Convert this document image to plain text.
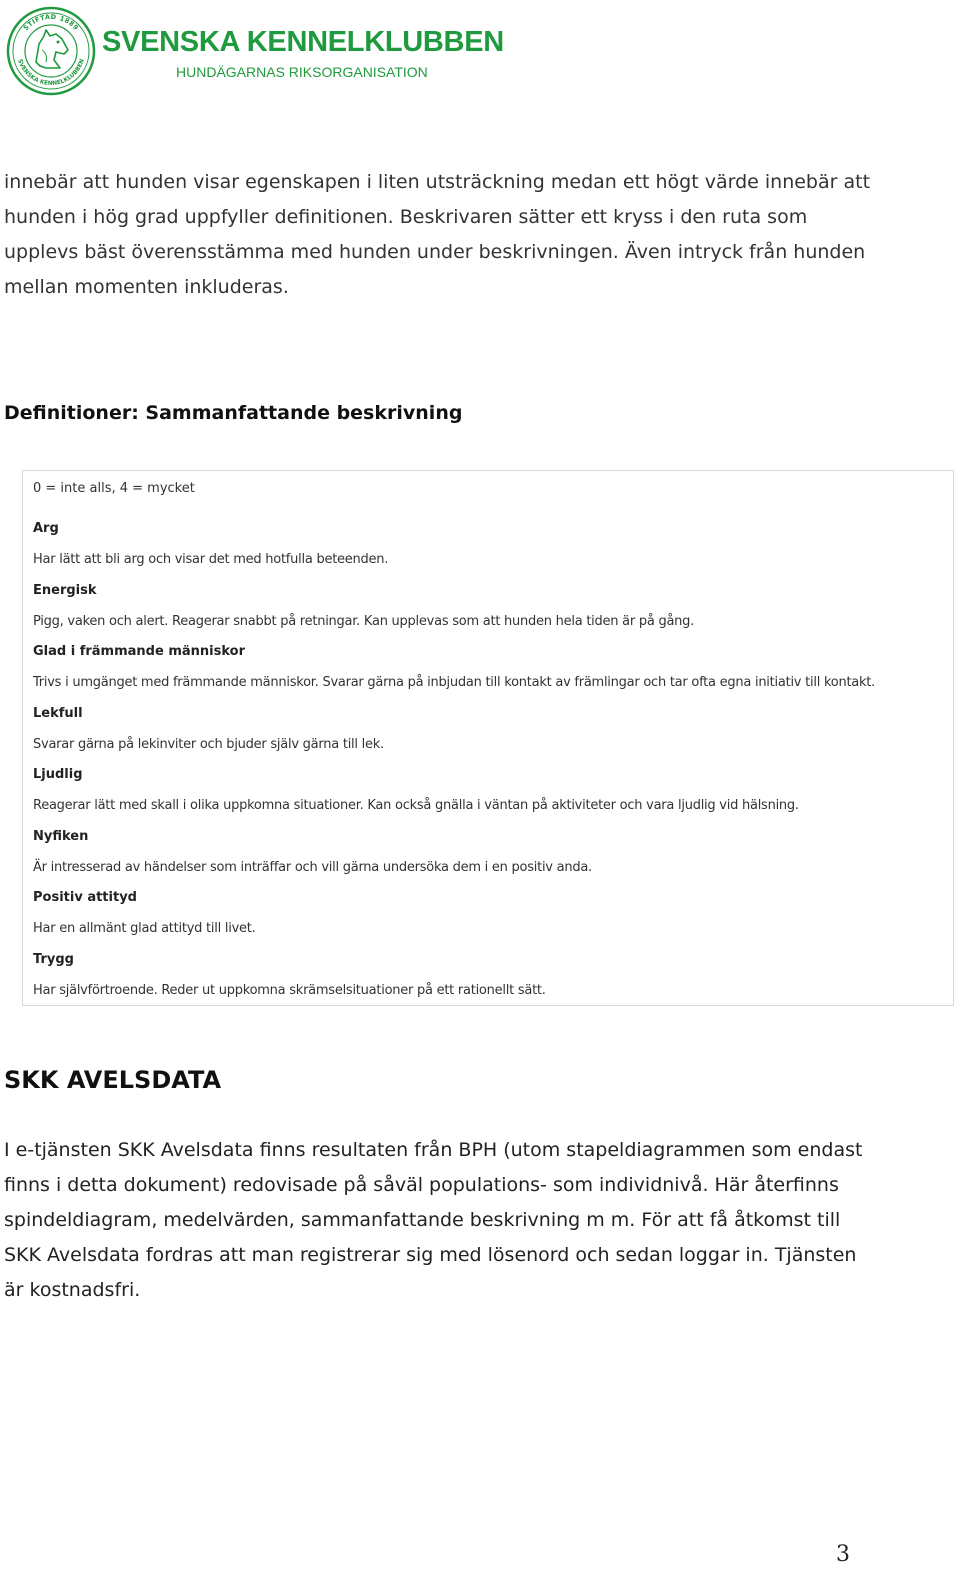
STIFTAD 1889
SVENSKA KENNELKLUBBEN
SVENSKA KENNELKLUBBEN
HUNDÄGARNAS RIKSORGANISATION

innebär att hunden visar egenskapen i liten utsträckning medan ett högt värde innebär att

hunden i hög grad uppfyller definitionen. Beskrivaren sätter ett kryss i den ruta som

upplevs bäst överensstämma med hunden under beskrivningen. Även intryck från hunden

mellan momenten inkluderas.

Definitioner: Sammanfattande beskrivning
0 = inte alls, 4 = mycket
Arg
Har lätt att bli arg och visar det med hotfulla beteenden.
Energisk
Pigg, vaken och alert. Reagerar snabbt på retningar. Kan upplevas som att hunden hela tiden är på gång.
Glad i främmande människor
Trivs i umgänget med främmande människor. Svarar gärna på inbjudan till kontakt av främlingar och tar ofta egna initiativ till kontakt.
Lekfull
Svarar gärna på lekinviter och bjuder själv gärna till lek.
Ljudlig
Reagerar lätt med skall i olika uppkomna situationer. Kan också gnälla i väntan på aktiviteter och vara ljudlig vid hälsning.
Nyfiken
Är intresserad av händelser som inträffar och vill gärna undersöka dem i en positiv anda.
Positiv attityd
Har en allmänt glad attityd till livet.
Trygg
Har självförtroende. Reder ut uppkomna skrämselsituationer på ett rationellt sätt.
SKK AVELSDATA

I e-tjänsten SKK Avelsdata finns resultaten från BPH (utom stapeldiagrammen som endast

finns i detta dokument) redovisade på såväl populations- som individnivå. Här återfinns

spindeldiagram, medelvärden, sammanfattande beskrivning m m. För att få åtkomst till

SKK Avelsdata fordras att man registrerar sig med lösenord och sedan loggar in. Tjänsten

är kostnadsfri.

3
